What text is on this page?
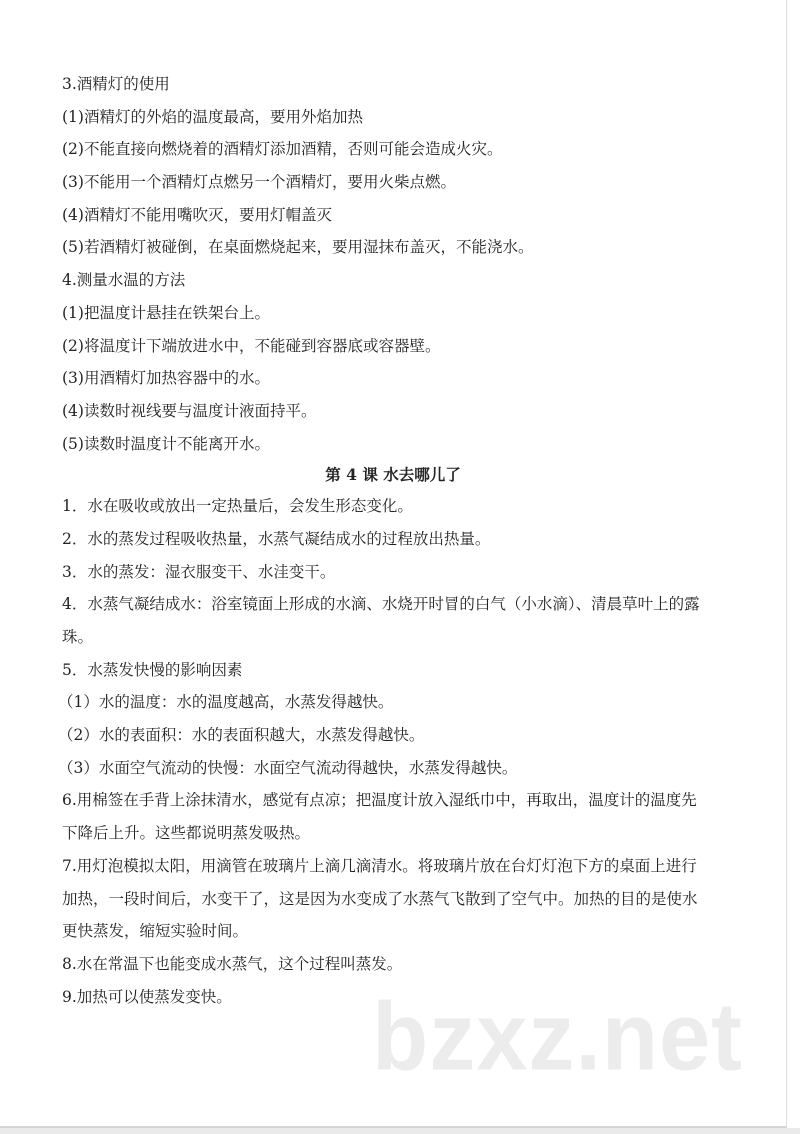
3.酒精灯的使用
(1)酒精灯的外焰的温度最高，要用外焰加热
(2)不能直接向燃烧着的酒精灯添加酒精，否则可能会造成火灾。
(3)不能用一个酒精灯点燃另一个酒精灯，要用火柴点燃。
(4)酒精灯不能用嘴吹灭，要用灯帽盖灭
(5)若酒精灯被碰倒，在桌面燃烧起来，要用湿抹布盖灭，不能浇水。
4.测量水温的方法
(1)把温度计悬挂在铁架台上。
(2)将温度计下端放进水中，不能碰到容器底或容器壁。
(3)用酒精灯加热容器中的水。
(4)读数时视线要与温度计液面持平。
(5)读数时温度计不能离开水。
第 4 课 水去哪儿了
1．水在吸收或放出一定热量后，会发生形态变化。
2．水的蒸发过程吸收热量，水蒸气凝结成水的过程放出热量。
3．水的蒸发：湿衣服变干、水洼变干。
4．水蒸气凝结成水：浴室镜面上形成的水滴、水烧开时冒的白气（小水滴）、清晨草叶上的露
珠。
5．水蒸发快慢的影响因素
（1）水的温度：水的温度越高，水蒸发得越快。
（2）水的表面积：水的表面积越大，水蒸发得越快。
（3）水面空气流动的快慢：水面空气流动得越快，水蒸发得越快。
6.用棉签在手背上涂抹清水，感觉有点凉；把温度计放入湿纸巾中，再取出，温度计的温度先
下降后上升。这些都说明蒸发吸热。
7.用灯泡模拟太阳，用滴管在玻璃片上滴几滴清水。将玻璃片放在台灯灯泡下方的桌面上进行
加热，一段时间后，水变干了，这是因为水变成了水蒸气飞散到了空气中。加热的目的是使水
更快蒸发，缩短实验时间。
8.水在常温下也能变成水蒸气，这个过程叫蒸发。
9.加热可以使蒸发变快。	bzxz.net
